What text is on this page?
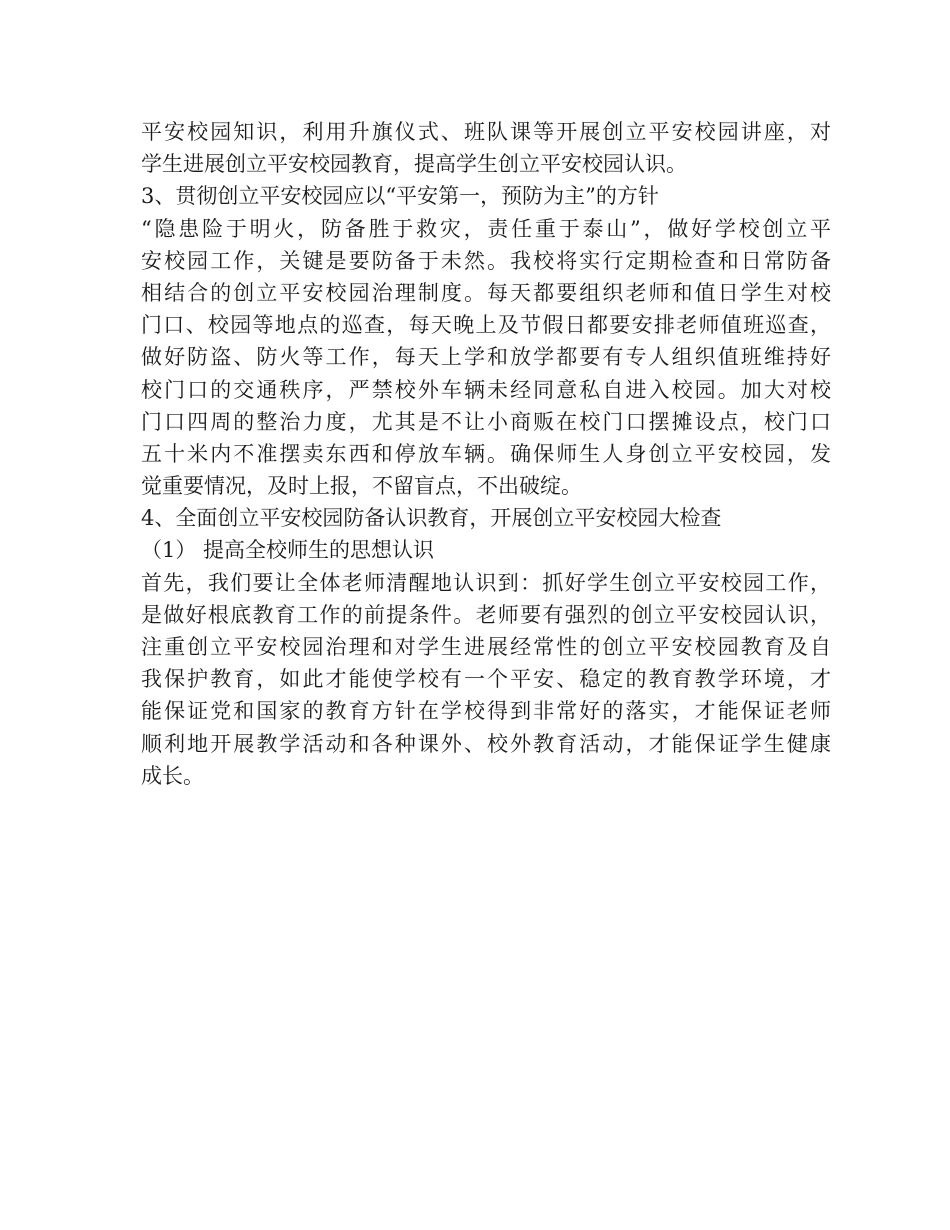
平安校园知识，利用升旗仪式、班队课等开展创立平安校园讲座，对
学生进展创立平安校园教育，提高学生创立平安校园认识。
3、贯彻创立平安校园应以“平安第一，预防为主”的方针
“隐患险于明火，防备胜于救灾，责任重于泰山”，做好学校创立平
安校园工作，关键是要防备于未然。我校将实行定期检查和日常防备
相结合的创立平安校园治理制度。每天都要组织老师和值日学生对校
门口、校园等地点的巡查，每天晚上及节假日都要安排老师值班巡查，
做好防盗、防火等工作，每天上学和放学都要有专人组织值班维持好
校门口的交通秩序，严禁校外车辆未经同意私自进入校园。加大对校
门口四周的整治力度，尤其是不让小商贩在校门口摆摊设点，校门口
五十米内不准摆卖东西和停放车辆。确保师生人身创立平安校园，发
觉重要情况，及时上报，不留盲点，不出破绽。
4、全面创立平安校园防备认识教育，开展创立平安校园大检查
（1） 提高全校师生的思想认识
首先，我们要让全体老师清醒地认识到：抓好学生创立平安校园工作，
是做好根底教育工作的前提条件。老师要有强烈的创立平安校园认识，
注重创立平安校园治理和对学生进展经常性的创立平安校园教育及自
我保护教育，如此才能使学校有一个平安、稳定的教育教学环境，才
能保证党和国家的教育方针在学校得到非常好的落实，才能保证老师
顺利地开展教学活动和各种课外、校外教育活动，才能保证学生健康
成长。
